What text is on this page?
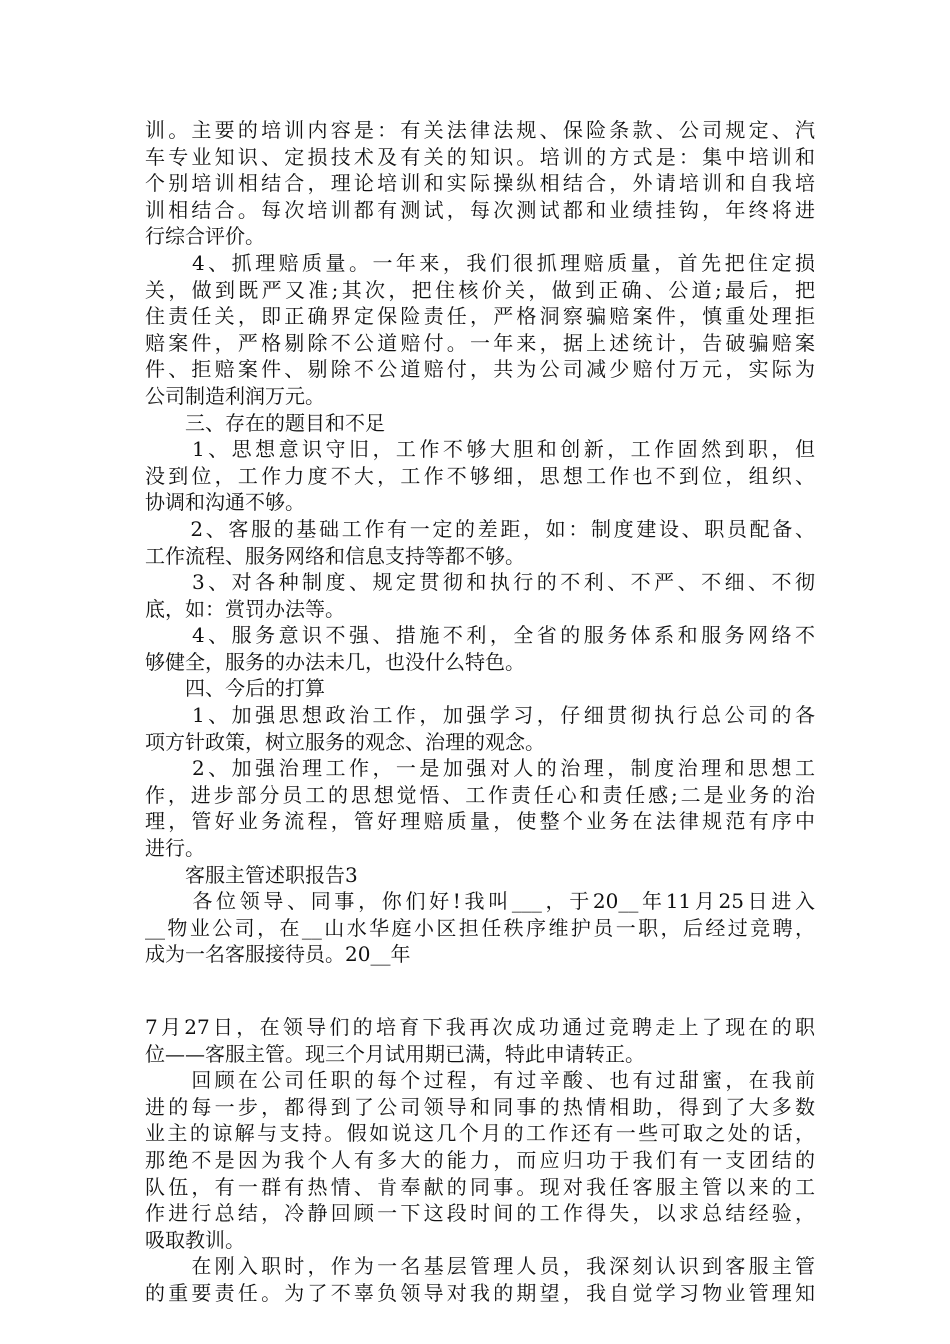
训。主要的培训内容是：有关法律法规、保险条款、公司规定、汽
车专业知识、定损技术及有关的知识。培训的方式是：集中培训和
个别培训相结合，理论培训和实际操纵相结合，外请培训和自我培
训相结合。每次培训都有测试，每次测试都和业绩挂钩，年终将进
行综合评价。
　　4、抓理赔质量。一年来，我们很抓理赔质量，首先把住定损
关，做到既严又准;其次，把住核价关，做到正确、公道;最后，把
住责任关，即正确界定保险责任，严格洞察骗赔案件，慎重处理拒
赔案件，严格剔除不公道赔付。一年来，据上述统计，告破骗赔案
件、拒赔案件、剔除不公道赔付，共为公司减少赔付万元，实际为
公司制造利润万元。
　　三、存在的题目和不足
　　1、思想意识守旧，工作不够大胆和创新，工作固然到职，但
没到位，工作力度不大，工作不够细，思想工作也不到位，组织、
协调和沟通不够。
　　2、客服的基础工作有一定的差距，如：制度建设、职员配备、
工作流程、服务网络和信息支持等都不够。
　　3、对各种制度、规定贯彻和执行的不利、不严、不细、不彻
底，如：赏罚办法等。
　　4、服务意识不强、措施不利，全省的服务体系和服务网络不
够健全，服务的办法未几，也没什么特色。
　　四、今后的打算
　　1、加强思想政治工作，加强学习，仔细贯彻执行总公司的各
项方针政策，树立服务的观念、治理的观念。
　　2、加强治理工作，一是加强对人的治理，制度治理和思想工
作，进步部分员工的思想觉悟、工作责任心和责任感;二是业务的治
理，管好业务流程，管好理赔质量，使整个业务在法律规范有序中
进行。
　　客服主管述职报告3
　　各位领导、同事，你们好!我叫___，于20__年11月25日进入
__物业公司，在__山水华庭小区担任秩序维护员一职，后经过竞聘，
成为一名客服接待员。20__年
7月27日，在领导们的培育下我再次成功通过竞聘走上了现在的职
位——客服主管。现三个月试用期已满，特此申请转正。
　　回顾在公司任职的每个过程，有过辛酸、也有过甜蜜，在我前
进的每一步，都得到了公司领导和同事的热情相助，得到了大多数
业主的谅解与支持。假如说这几个月的工作还有一些可取之处的话，
那绝不是因为我个人有多大的能力，而应归功于我们有一支团结的
队伍，有一群有热情、肯奉献的同事。现对我任客服主管以来的工
作进行总结，冷静回顾一下这段时间的工作得失，以求总结经验，
吸取教训。
　　在刚入职时，作为一名基层管理人员，我深刻认识到客服主管
的重要责任。为了不辜负领导对我的期望，我自觉学习物业管理知
